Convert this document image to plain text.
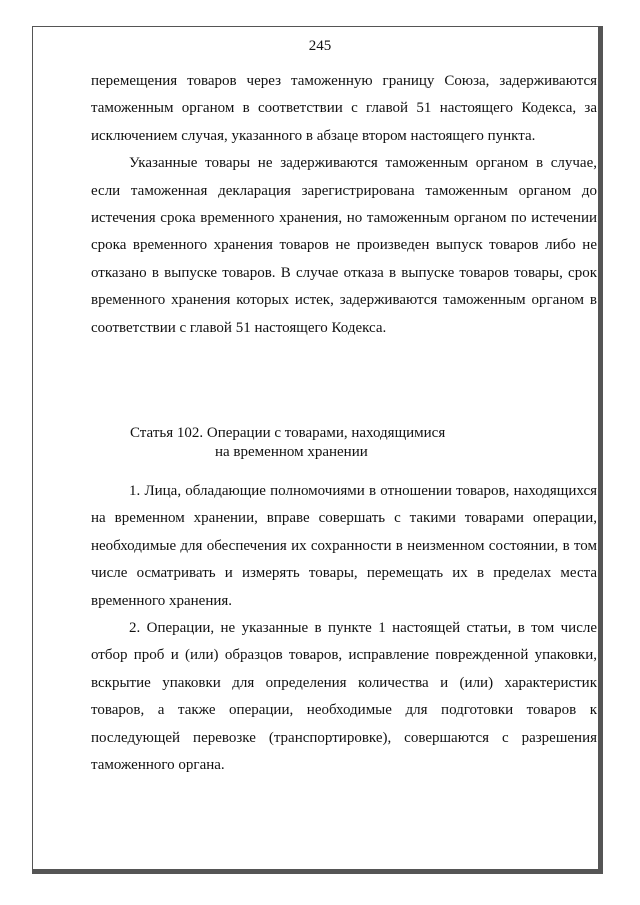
245

перемещения товаров через таможенную границу Союза, задерживаются таможенным органом в соответствии с главой 51 настоящего Кодекса, за исключением случая, указанного в абзаце втором настоящего пункта.

Указанные товары не задерживаются таможенным органом в случае, если таможенная декларация зарегистрирована таможенным органом до истечения срока временного хранения, но таможенным органом по истечении срока временного хранения товаров не произведен выпуск товаров либо не отказано в выпуске товаров. В случае отказа в выпуске товаров товары, срок временного хранения которых истек, задерживаются таможенным органом в соответствии с главой 51 настоящего Кодекса.

Статья 102. Операции с товарами, находящимися
на временном хранении

1. Лица, обладающие полномочиями в отношении товаров, находящихся на временном хранении, вправе совершать с такими товарами операции, необходимые для обеспечения их сохранности в неизменном состоянии, в том числе осматривать и измерять товары, перемещать их в пределах места временного хранения.

2. Операции, не указанные в пункте 1 настоящей статьи, в том числе отбор проб и (или) образцов товаров, исправление поврежденной упаковки, вскрытие упаковки для определения количества и (или) характеристик товаров, а также операции, необходимые для подготовки товаров к последующей перевозке (транспортировке), совершаются с разрешения таможенного органа.
